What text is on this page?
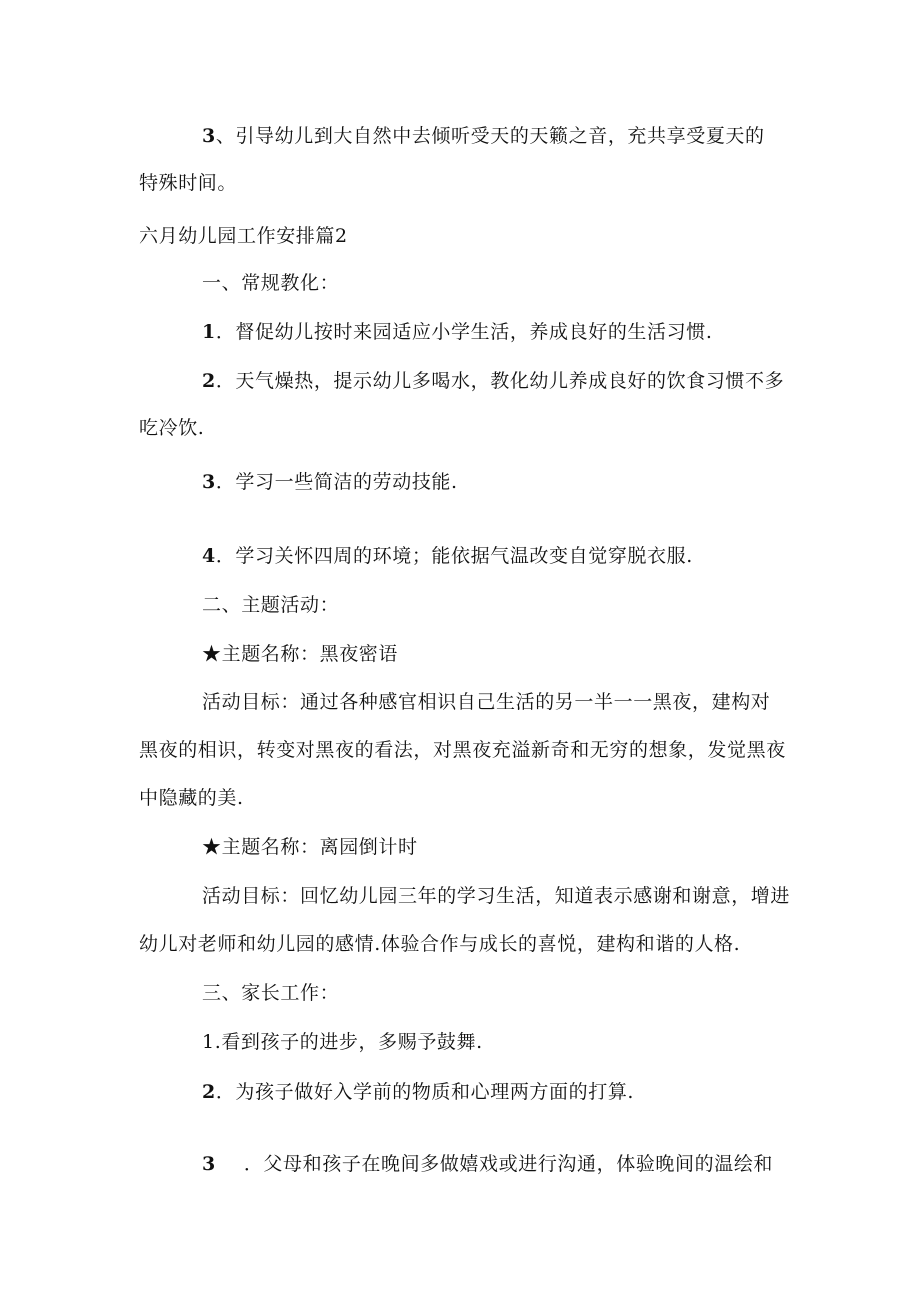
3、引导幼儿到大自然中去倾听受天的天籁之音，充共享受夏天的
特殊时间。
六月幼儿园工作安排篇2
一、常规教化：
1．督促幼儿按时来园适应小学生活，养成良好的生活习惯.
2．天气燥热，提示幼儿多喝水，教化幼儿养成良好的饮食习惯不多
吃冷饮.
3．学习一些简洁的劳动技能.
4．学习关怀四周的环境；能依据气温改变自觉穿脱衣服.
二、主题活动：
★主题名称：黑夜密语
活动目标：通过各种感官相识自己生活的另一半一一黑夜，建构对
黑夜的相识，转变对黑夜的看法，对黑夜充溢新奇和无穷的想象，发觉黑夜
中隐藏的美.
★主题名称：离园倒计时
活动目标：回忆幼儿园三年的学习生活，知道表示感谢和谢意，增进
幼儿对老师和幼儿园的感情.体验合作与成长的喜悦，建构和谐的人格.
三、家长工作：
1.看到孩子的进步，多赐予鼓舞.
2．为孩子做好入学前的物质和心理两方面的打算.
3 ．父母和孩子在晚间多做嬉戏或进行沟通，体验晚间的温绘和
